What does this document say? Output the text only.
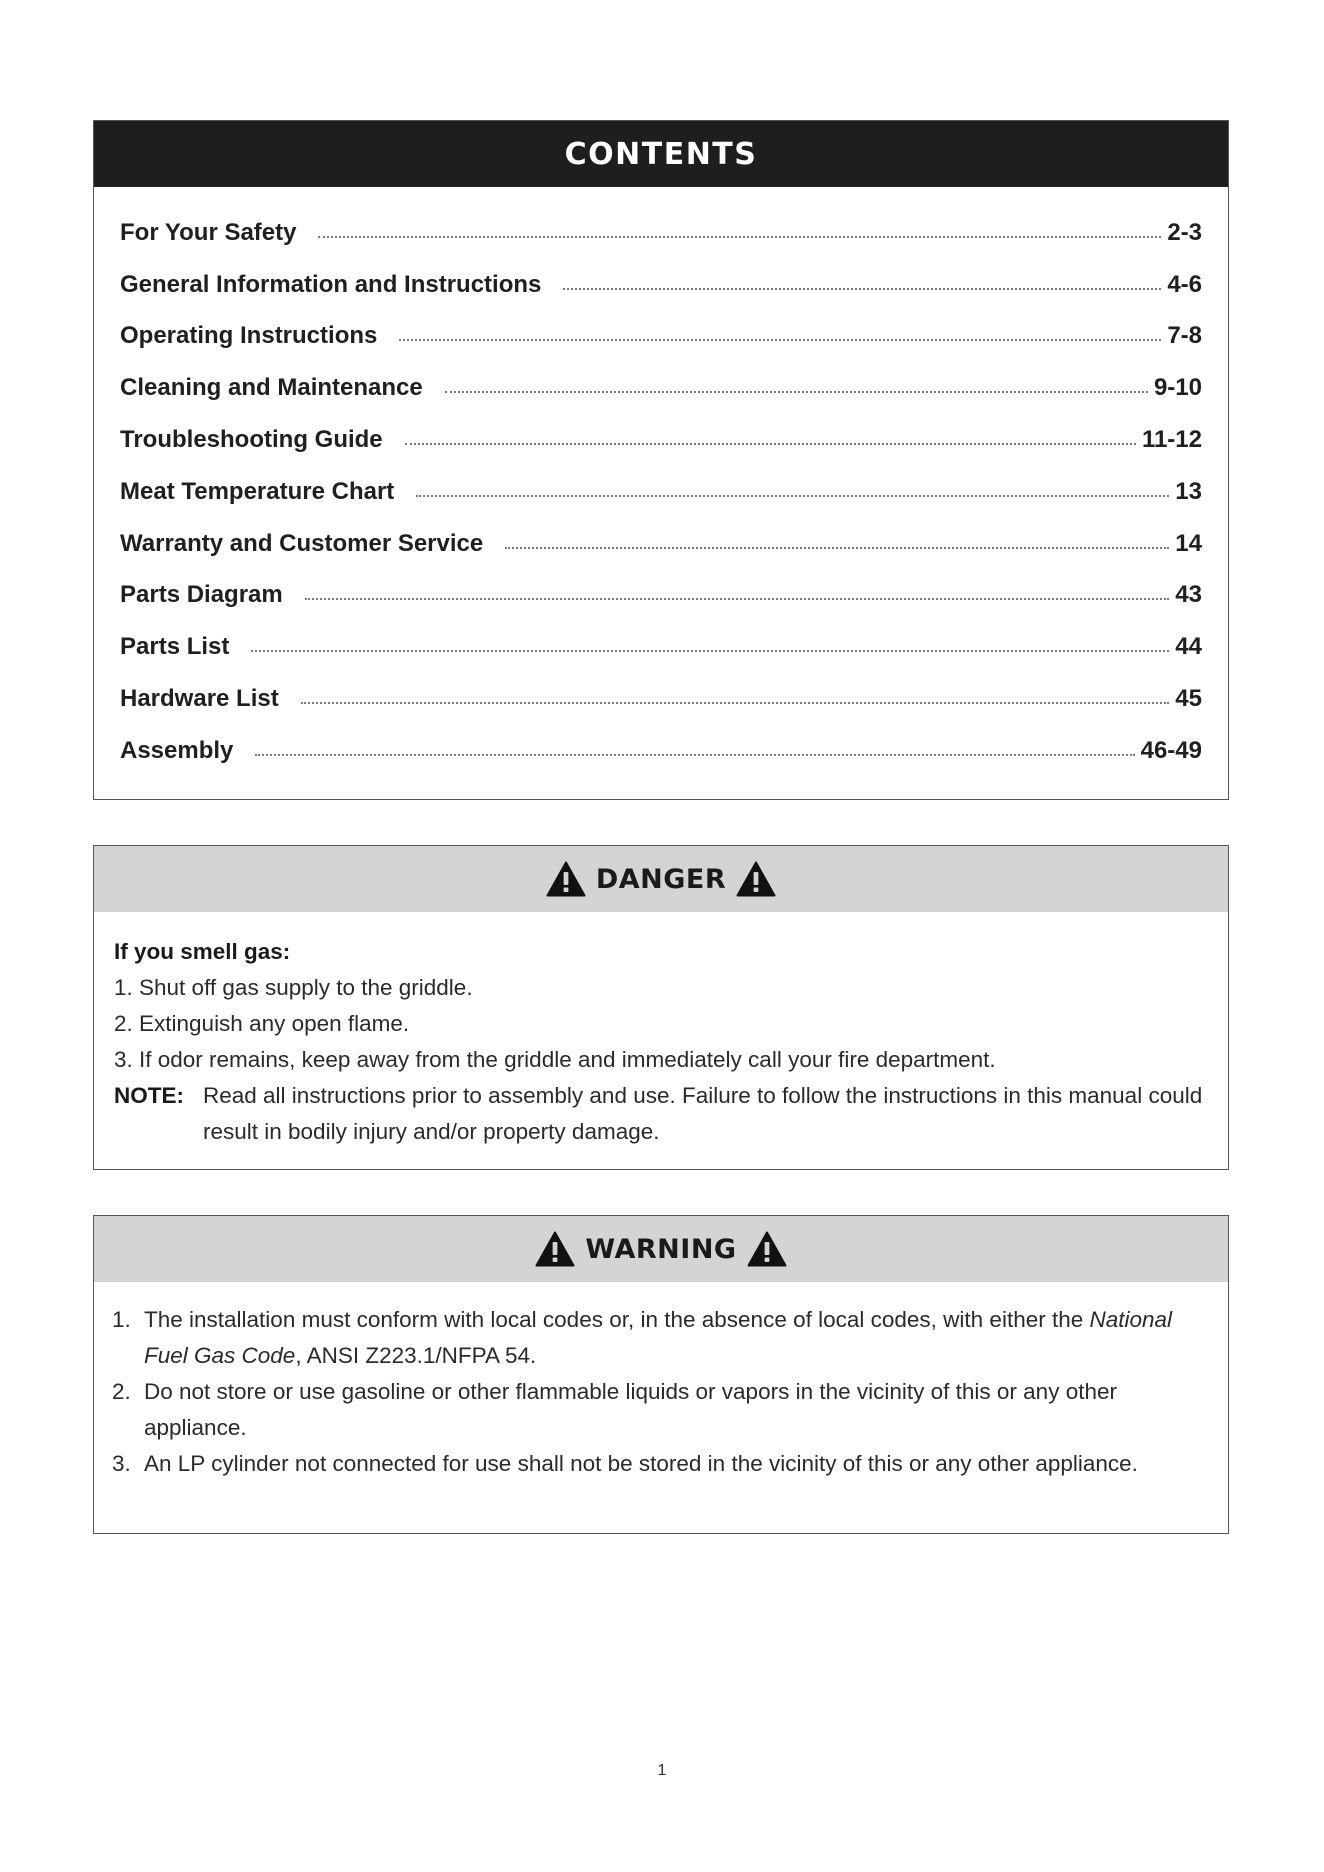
CONTENTS
For Your Safety	2-3
General Information and Instructions	4-6
Operating Instructions	7-8
Cleaning and Maintenance	9-10
Troubleshooting Guide	11-12
Meat Temperature Chart	13
Warranty and Customer Service	14
Parts Diagram	43
Parts List	44
Hardware List	45
Assembly	46-49
DANGER
If you smell gas:
1. Shut off gas supply to the griddle.
2. Extinguish any open flame.
3. If odor remains, keep away from the griddle and immediately call your fire department.
NOTE: Read all instructions prior to assembly and use. Failure to follow the instructions in this manual could result in bodily injury and/or property damage.
WARNING
1. The installation must conform with local codes or, in the absence of local codes, with either the National Fuel Gas Code, ANSI Z223.1/NFPA 54.
2. Do not store or use gasoline or other flammable liquids or vapors in the vicinity of this or any other appliance.
3. An LP cylinder not connected for use shall not be stored in the vicinity of this or any other appliance.
1
